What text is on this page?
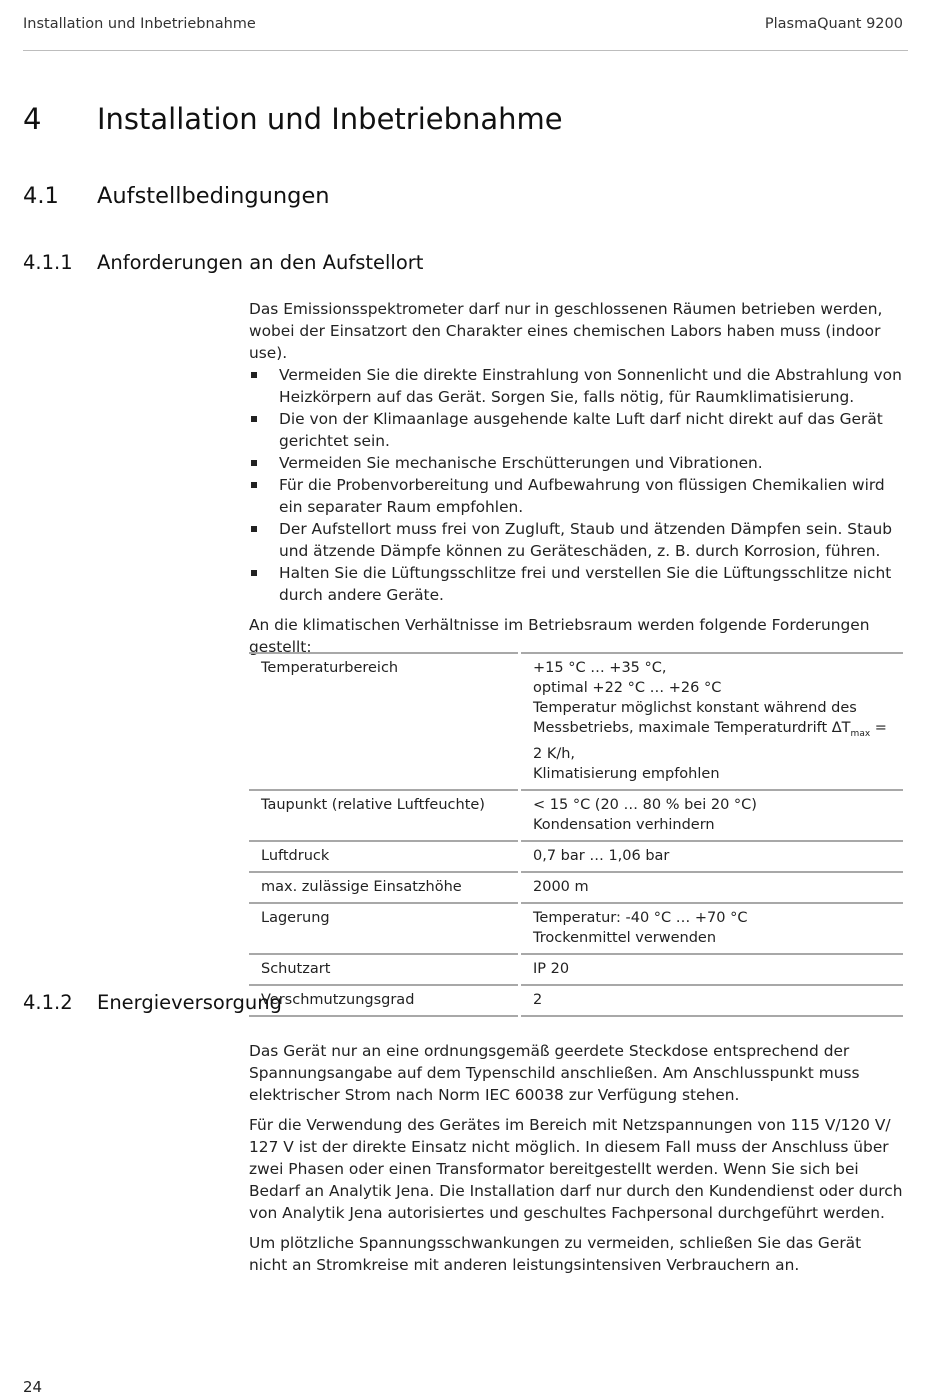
Installation und Inbetriebnahme	PlasmaQuant 9200
4 Installation und Inbetriebnahme
4.1 Aufstellbedingungen
4.1.1 Anforderungen an den Aufstellort

Das Emissionsspektrometer darf nur in geschlossenen Räumen betrieben werden, wobei der Einsatzort den Charakter eines chemischen Labors haben muss (indoor use).

Vermeiden Sie die direkte Einstrahlung von Sonnenlicht und die Abstrahlung von Heizkörpern auf das Gerät. Sorgen Sie, falls nötig, für Raumklimatisierung.
Die von der Klimaanlage ausgehende kalte Luft darf nicht direkt auf das Gerät gerichtet sein.
Vermeiden Sie mechanische Erschütterungen und Vibrationen.
Für die Probenvorbereitung und Aufbewahrung von flüssigen Chemikalien wird ein separater Raum empfohlen.
Der Aufstellort muss frei von Zugluft, Staub und ätzenden Dämpfen sein. Staub und ätzende Dämpfe können zu Geräteschäden, z. B. durch Korrosion, führen.
Halten Sie die Lüftungsschlitze frei und verstellen Sie die Lüftungsschlitze nicht durch andere Geräte.

An die klimatischen Verhältnisse im Betriebsraum werden folgende Forderungen gestellt:

Temperaturbereich	+15 °C … +35 °C,
optimal +22 °C … +26 °C
Temperatur möglichst konstant während des Messbetriebs, maximale Temperaturdrift $\Delta T_{max} = 2$ K/h,
Klimatisierung empfohlen

Taupunkt (relative Luftfeuchte)	< 15 °C (20 … 80 % bei 20 °C)
Kondensation verhindern

Luftdruck	0,7 bar … 1,06 bar
max. zulässige Einsatzhöhe	2000 m
Lagerung	Temperatur: -40 °C … +70 °C
Trockenmittel verwenden

Schutzart	IP 20
Verschmutzungsgrad	2
4.1.2 Energieversorgung

Das Gerät nur an eine ordnungsgemäß geerdete Steckdose entsprechend der Spannungsangabe auf dem Typenschild anschließen. Am Anschlusspunkt muss elektrischer Strom nach Norm IEC 60038 zur Verfügung stehen.

Für die Verwendung des Gerätes im Bereich mit Netzspannungen von 115 V/120 V/ 127 V ist der direkte Einsatz nicht möglich. In diesem Fall muss der Anschluss über zwei Phasen oder einen Transformator bereitgestellt werden. Wenn Sie sich bei Bedarf an Analytik Jena. Die Installation darf nur durch den Kundendienst oder durch von Analytik Jena autorisiertes und geschultes Fachpersonal durchgeführt werden.

Um plötzliche Spannungsschwankungen zu vermeiden, schließen Sie das Gerät nicht an Stromkreise mit anderen leistungsintensiven Verbrauchern an.

24
